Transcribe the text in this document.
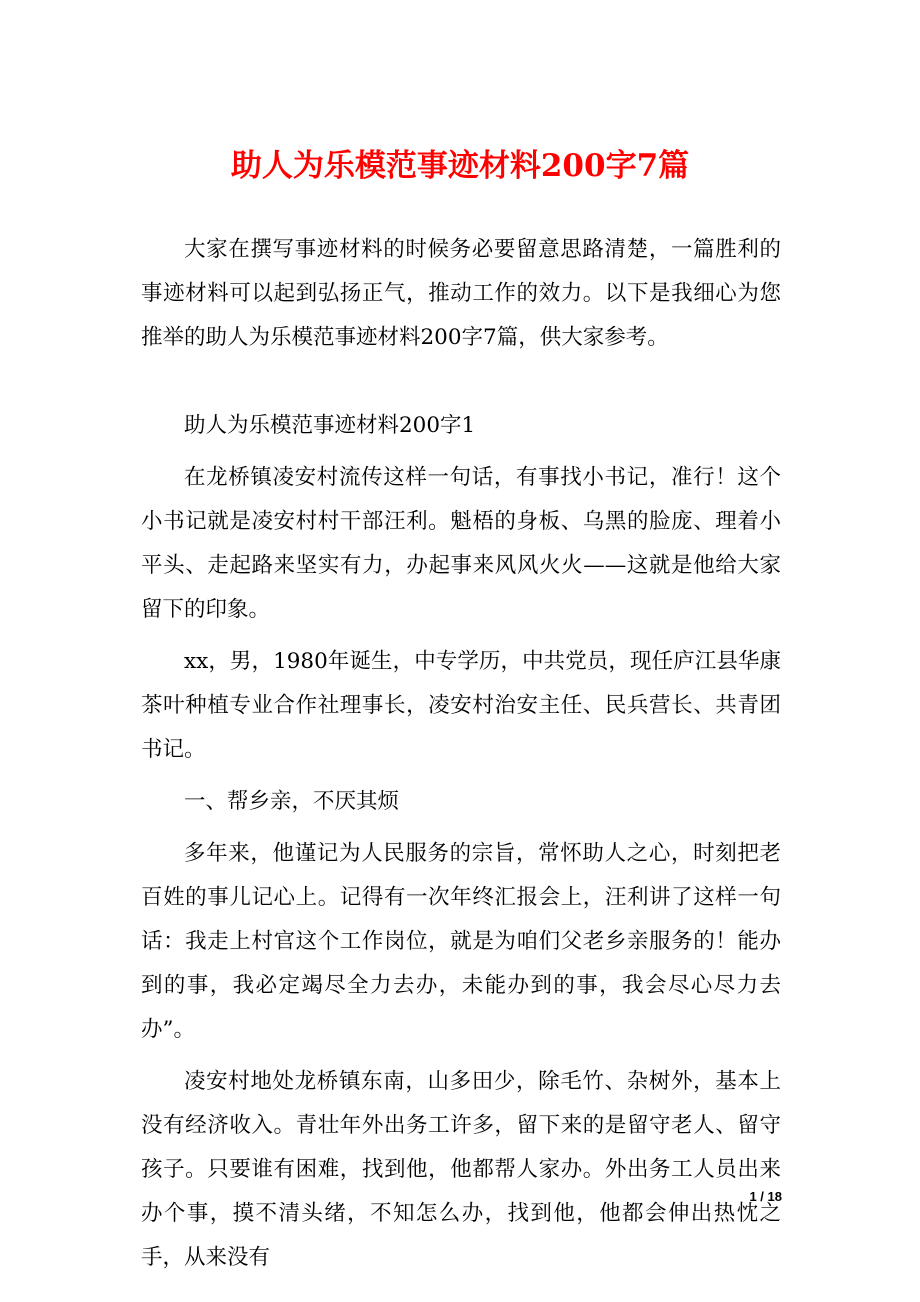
助人为乐模范事迹材料200字7篇

大家在撰写事迹材料的时候务必要留意思路清楚，一篇胜利的事迹材料可以起到弘扬正气，推动工作的效力。以下是我细心为您推举的助人为乐模范事迹材料200字7篇，供大家参考。

助人为乐模范事迹材料200字1

在龙桥镇凌安村流传这样一句话，有事找小书记，准行！这个小书记就是凌安村村干部汪利。魁梧的身板、乌黑的脸庞、理着小平头、走起路来坚实有力，办起事来风风火火——这就是他给大家留下的印象。

xx，男，1980年诞生，中专学历，中共党员，现任庐江县华康茶叶种植专业合作社理事长，凌安村治安主任、民兵营长、共青团书记。

一、帮乡亲，不厌其烦

多年来，他谨记为人民服务的宗旨，常怀助人之心，时刻把老百姓的事儿记心上。记得有一次年终汇报会上，汪利讲了这样一句话：我走上村官这个工作岗位，就是为咱们父老乡亲服务的！能办到的事，我必定竭尽全力去办，未能办到的事，我会尽心尽力去办”。

凌安村地处龙桥镇东南，山多田少，除毛竹、杂树外，基本上没有经济收入。青壮年外出务工许多，留下来的是留守老人、留守孩子。只要谁有困难，找到他，他都帮人家办。外出务工人员出来办个事，摸不清头绪，不知怎么办，找到他，他都会伸出热忱之手，从来没有

1 / 18
